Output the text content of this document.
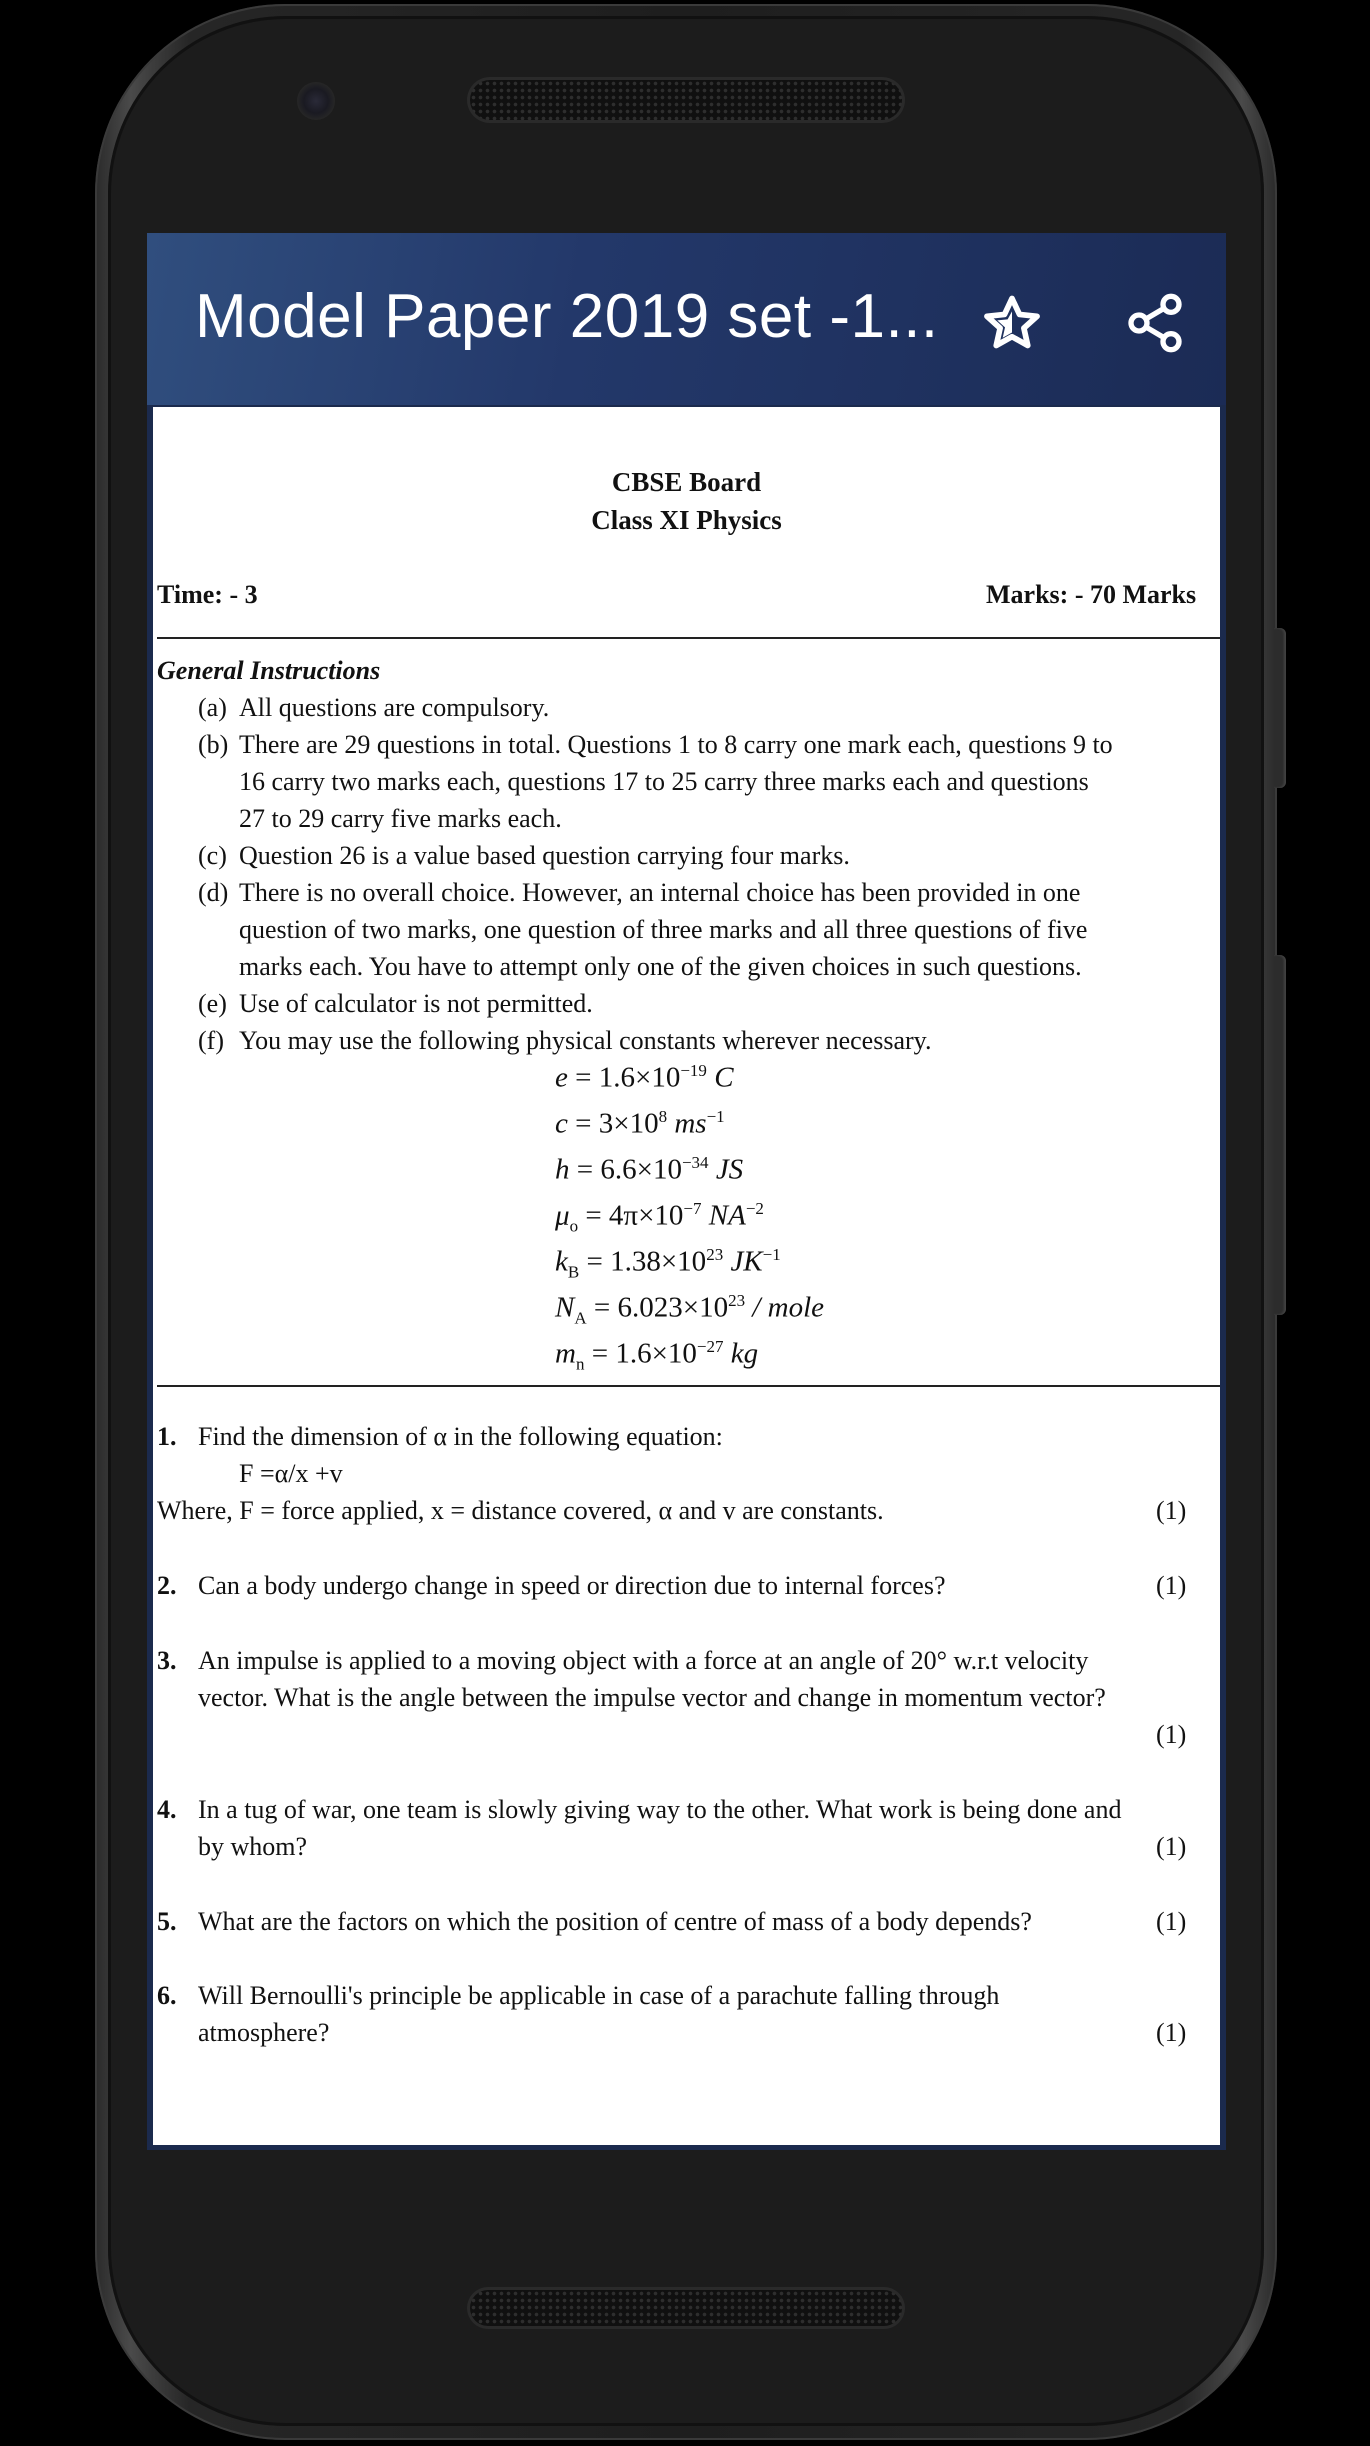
Model Paper 2019 set -1...
CBSE Board
Class XI Physics
Time: - 3	Marks: - 70 Marks
General Instructions
(a) All questions are compulsory.
(b) There are 29 questions in total. Questions 1 to 8 carry one mark each, questions 9 to
16 carry two marks each, questions 17 to 25 carry three marks each and questions
27 to 29 carry five marks each.
(c) Question 26 is a value based question carrying four marks.
(d) There is no overall choice. However, an internal choice has been provided in one
question of two marks, one question of three marks and all three questions of five
marks each. You have to attempt only one of the given choices in such questions.
(e) Use of calculator is not permitted.
(f) You may use the following physical constants wherever necessary.
$e = 1.6\times 10^{-19}$ C
$c = 3\times 10^8$ $ms^{-1}$
$h = 6.6\times 10^{-34}$ JS
$\mu_o = 4\pi\times 10^{-7}$ $NA^{-2}$
$k_B = 1.38\times 10^{23}$ $JK^{-1}$
$N_A = 6.023\times 10^{23}$ / mole
$m_n = 1.6\times 10^{-27}$ kg
1. Find the dimension of α in the following equation:
F =α/x +v
Where, F = force applied, x = distance covered, α and v are constants.	(1)
2. Can a body undergo change in speed or direction due to internal forces?	(1)
3. An impulse is applied to a moving object with a force at an angle of 20° w.r.t velocity
vector. What is the angle between the impulse vector and change in momentum vector?
(1)
4. In a tug of war, one team is slowly giving way to the other. What work is being done and
by whom?	(1)
5. What are the factors on which the position of centre of mass of a body depends?	(1)
6. Will Bernoulli's principle be applicable in case of a parachute falling through
atmosphere?	(1)
